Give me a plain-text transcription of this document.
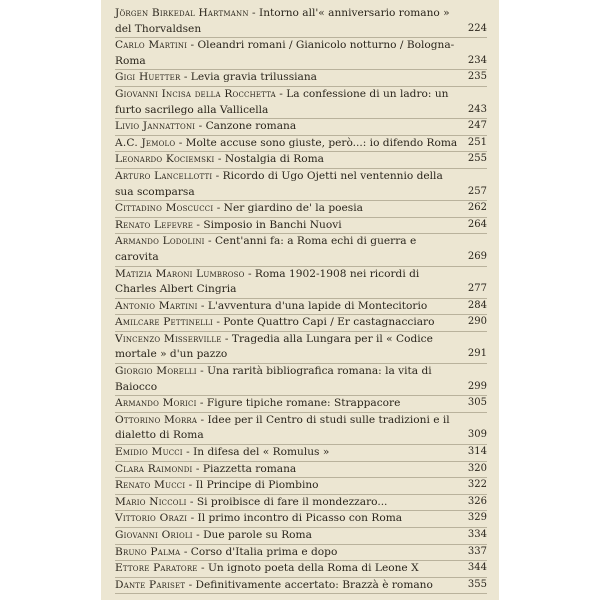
Jörgen Birkedal Hartmann - Intorno all'« anniversario romano » del Thorvaldsen	224
Carlo Martini - Oleandri romani / Gianicolo notturno / Bologna-Roma	234
Gigi Huetter - Levia gravia trilussiana	235
Giovanni Incisa della Rocchetta - La confessione di un ladro: un furto sacrilego alla Vallicella	243
Livio Jannattoni - Canzone romana	247
A.C. Jemolo - Molte accuse sono giuste, però...: io difendo Roma	251
Leonardo Kociemski - Nostalgia di Roma	255
Arturo Lancellotti - Ricordo di Ugo Ojetti nel ventennio della sua scomparsa	257
Cittadino Moscucci - Ner giardino de' la poesia	262
Renato Lefevre - Simposio in Banchi Nuovi	264
Armando Lodolini - Cent'anni fa: a Roma echi di guerra e carovita	269
Matizia Maroni Lumbroso - Roma 1902-1908 nei ricordi di Charles Albert Cingria	277
Antonio Martini - L'avventura d'una lapide di Montecitorio	284
Amilcare Pettinelli - Ponte Quattro Capi / Er castagnacciaro	290
Vincenzo Misserville - Tragedia alla Lungara per il « Codice mortale » d'un pazzo	291
Giorgio Morelli - Una rarità bibliografica romana: la vita di Baiocco	299
Armando Morici - Figure tipiche romane: Strappacore	305
Ottorino Morra - Idee per il Centro di studi sulle tradizioni e il dialetto di Roma	309
Emidio Mucci - In difesa del « Romulus »	314
Clara Raimondi - Piazzetta romana	320
Renato Mucci - Il Principe di Piombino	322
Mario Niccoli - Si proibisce di fare il mondezzaro...	326
Vittorio Orazi - Il primo incontro di Picasso con Roma	329
Giovanni Orioli - Due parole su Roma	334
Bruno Palma - Corso d'Italia prima e dopo	337
Ettore Paratore - Un ignoto poeta della Roma di Leone X	344
Dante Pariset - Definitivamente accertato: Brazzà è romano	355
